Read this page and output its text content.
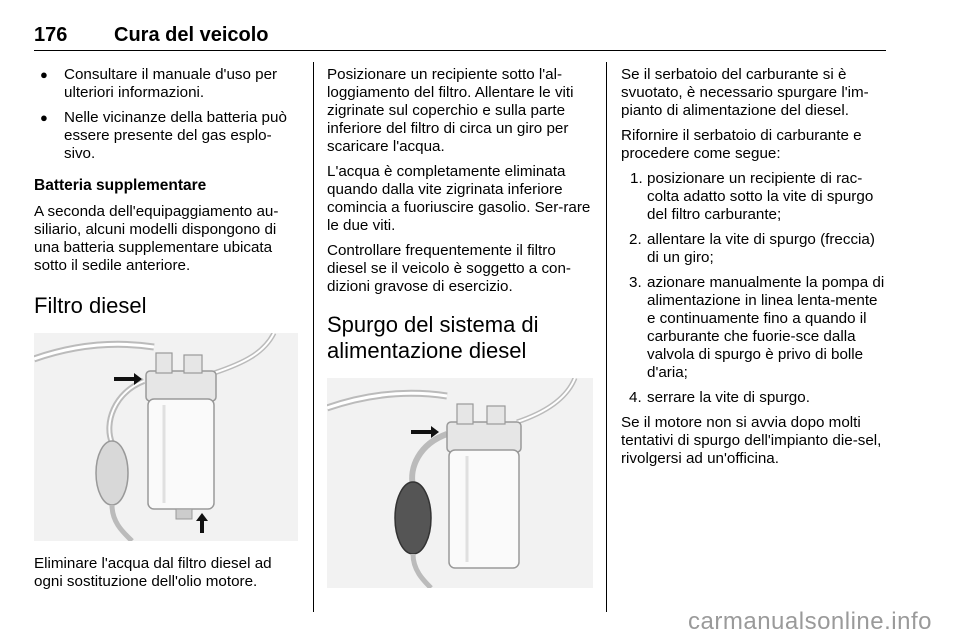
176 Cura del veicolo
● Consultare il manuale d'uso per ulteriori informazioni.
● Nelle vicinanze della batteria può essere presente del gas esplo-sivo.
Batteria supplementare

A seconda dell'equipaggiamento au-siliario, alcuni modelli dispongono di una batteria supplementare ubicata sotto il sedile anteriore.

Filtro diesel

Eliminare l'acqua dal filtro diesel ad ogni sostituzione dell'olio motore.

Posizionare un recipiente sotto l'al-loggiamento del filtro. Allentare le viti zigrinate sul coperchio e sulla parte inferiore del filtro di circa un giro per scaricare l'acqua.

L'acqua è completamente eliminata quando dalla vite zigrinata inferiore comincia a fuoriuscire gasolio. Ser-rare le due viti.

Controllare frequentemente il filtro diesel se il veicolo è soggetto a con-dizioni gravose di esercizio.

Spurgo del sistema di alimentazione diesel

Se il serbatoio del carburante si è svuotato, è necessario spurgare l'im-pianto di alimentazione del diesel.

Rifornire il serbatoio di carburante e procedere come segue:

1. posizionare un recipiente di rac-colta adatto sotto la vite di spurgo del filtro carburante;
2. allentare la vite di spurgo (freccia) di un giro;
3. azionare manualmente la pompa di alimentazione in linea lenta-mente e continuamente fino a quando il carburante che fuorie-sce dalla valvola di spurgo è privo di bolle d'aria;
4. serrare la vite di spurgo.

Se il motore non si avvia dopo molti tentativi di spurgo dell'impianto die-sel, rivolgersi ad un'officina.

carmanualsonline.info
